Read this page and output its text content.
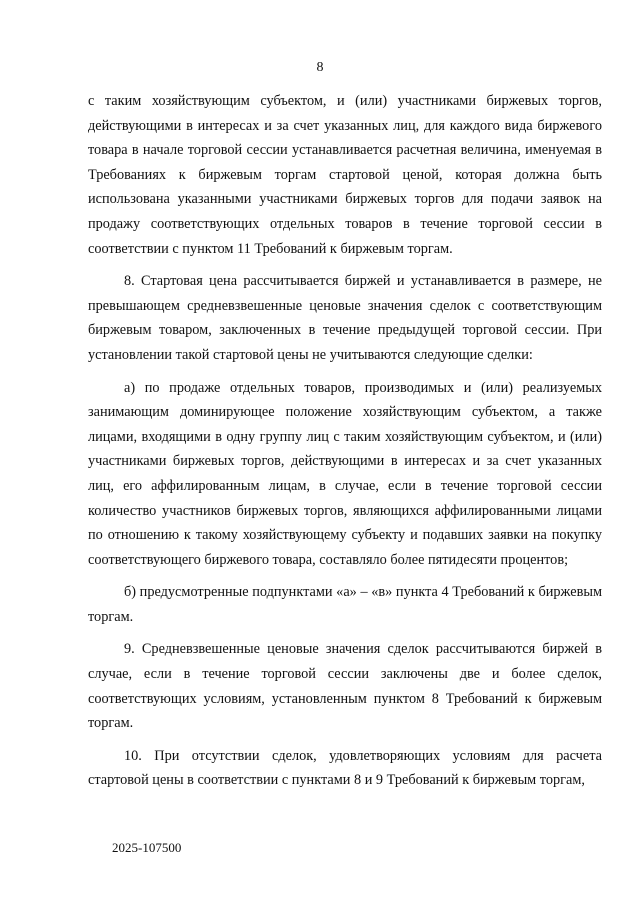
8

с таким хозяйствующим субъектом, и (или) участниками биржевых торгов, действующими в интересах и за счет указанных лиц, для каждого вида биржевого товара в начале торговой сессии устанавливается расчетная величина, именуемая в Требованиях к биржевым торгам стартовой ценой, которая должна быть использована указанными участниками биржевых торгов для подачи заявок на продажу соответствующих отдельных товаров в течение торговой сессии в соответствии с пунктом 11 Требований к биржевым торгам.

8. Стартовая цена рассчитывается биржей и устанавливается в размере, не превышающем средневзвешенные ценовые значения сделок с соответствующим биржевым товаром, заключенных в течение предыдущей торговой сессии. При установлении такой стартовой цены не учитываются следующие сделки:

а) по продаже отдельных товаров, производимых и (или) реализуемых занимающим доминирующее положение хозяйствующим субъектом, а также лицами, входящими в одну группу лиц с таким хозяйствующим субъектом, и (или) участниками биржевых торгов, действующими в интересах и за счет указанных лиц, его аффилированным лицам, в случае, если в течение торговой сессии количество участников биржевых торгов, являющихся аффилированными лицами по отношению к такому хозяйствующему субъекту и подавших заявки на покупку соответствующего биржевого товара, составляло более пятидесяти процентов;

б) предусмотренные подпунктами «а» – «в» пункта 4 Требований к биржевым торгам.

9. Средневзвешенные ценовые значения сделок рассчитываются биржей в случае, если в течение торговой сессии заключены две и более сделок, соответствующих условиям, установленным пунктом 8 Требований к биржевым торгам.

10. При отсутствии сделок, удовлетворяющих условиям для расчета стартовой цены в соответствии с пунктами 8 и 9 Требований к биржевым торгам,

2025-107500
